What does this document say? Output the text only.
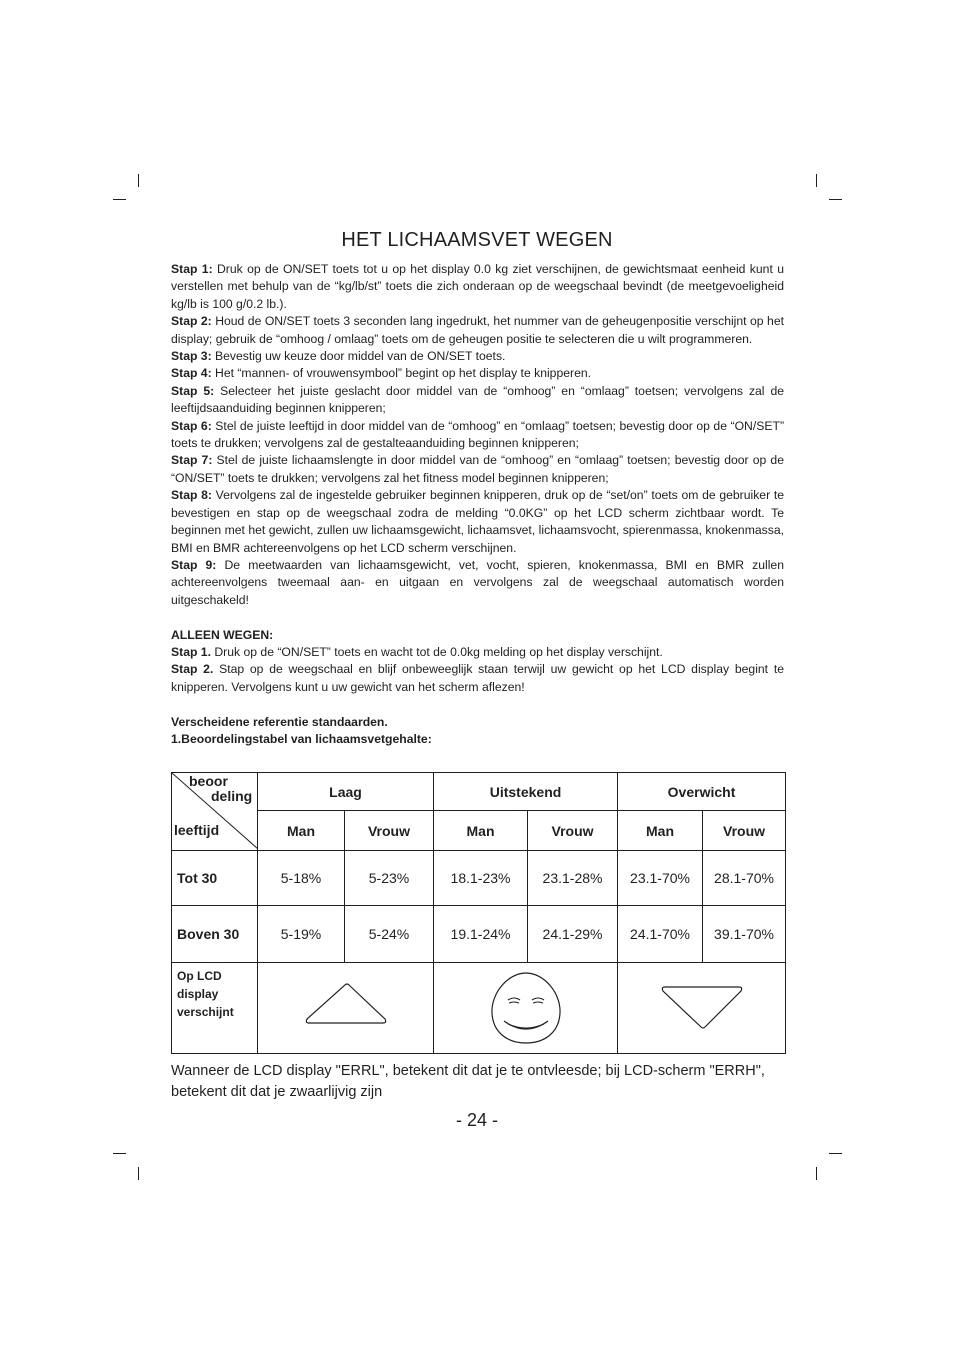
HET LICHAAMSVET WEGEN

Stap 1: Druk op de ON/SET toets tot u op het display 0.0 kg ziet verschijnen, de gewichtsmaat eenheid kunt u verstellen met behulp van de “kg/lb/st” toets die zich onderaan op de weegschaal bevindt (de meetgevoeligheid kg/lb is 100 g/0.2 lb.).

Stap 2: Houd de ON/SET toets 3 seconden lang ingedrukt, het nummer van de geheugenpositie verschijnt op het display; gebruik de “omhoog / omlaag” toets om de geheugen positie te selecteren die u wilt programmeren.

Stap 3: Bevestig uw keuze door middel van de ON/SET toets.

Stap 4: Het “mannen- of vrouwensymbool” begint op het display te knipperen.

Stap 5: Selecteer het juiste geslacht door middel van de “omhoog” en “omlaag” toetsen; vervolgens zal de leeftijdsaanduiding beginnen knipperen;

Stap 6: Stel de juiste leeftijd in door middel van de “omhoog” en “omlaag” toetsen; bevestig door op de “ON/SET” toets te drukken; vervolgens zal de gestalteaanduiding beginnen knipperen;

Stap 7: Stel de juiste lichaamslengte in door middel van de “omhoog” en “omlaag” toetsen; bevestig door op de “ON/SET” toets te drukken; vervolgens zal het fitness model beginnen knipperen;

Stap 8: Vervolgens zal de ingestelde gebruiker beginnen knipperen, druk op de “set/on” toets om de gebruiker te bevestigen en stap op de weegschaal zodra de melding “0.0KG” op het LCD scherm zichtbaar wordt. Te beginnen met het gewicht, zullen uw lichaamsgewicht, lichaamsvet, lichaamsvocht, spierenmassa, knokenmassa, BMI en BMR achtereenvolgens op het LCD scherm verschijnen.

Stap 9: De meetwaarden van lichaamsgewicht, vet, vocht, spieren, knokenmassa, BMI en BMR zullen achtereenvolgens tweemaal aan- en uitgaan en vervolgens zal de weegschaal automatisch worden uitgeschakeld!

ALLEEN WEGEN:

Stap 1. Druk op de “ON/SET” toets en wacht tot de 0.0kg melding op het display verschijnt.

Stap 2. Stap op de weegschaal en blijf onbeweeglijk staan terwijl uw gewicht op het LCD display begint te knipperen. Vervolgens kunt u uw gewicht van het scherm aflezen!

Verscheidene referentie standaarden.

1.Beoordelingstabel van lichaamsvetgehalte:

beoor
deling
leeftijd	Laag		Uitstekend		Overwicht	
	Man	Vrouw	Man	Vrouw	Man	Vrouw
Tot 30	5-18%	5-23%	18.1-23%	23.1-28%	23.1-70%	28.1-70%
Boven 30	5-19%	5-24%	19.1-24%	24.1-29%	24.1-70%	39.1-70%

Op LCD
display
verschijnt

Wanneer de LCD display "ERRL", betekent dit dat je te ontvleesde; bij LCD-scherm "ERRH", betekent dit dat je zwaarlijvig zijn
- 24 -
